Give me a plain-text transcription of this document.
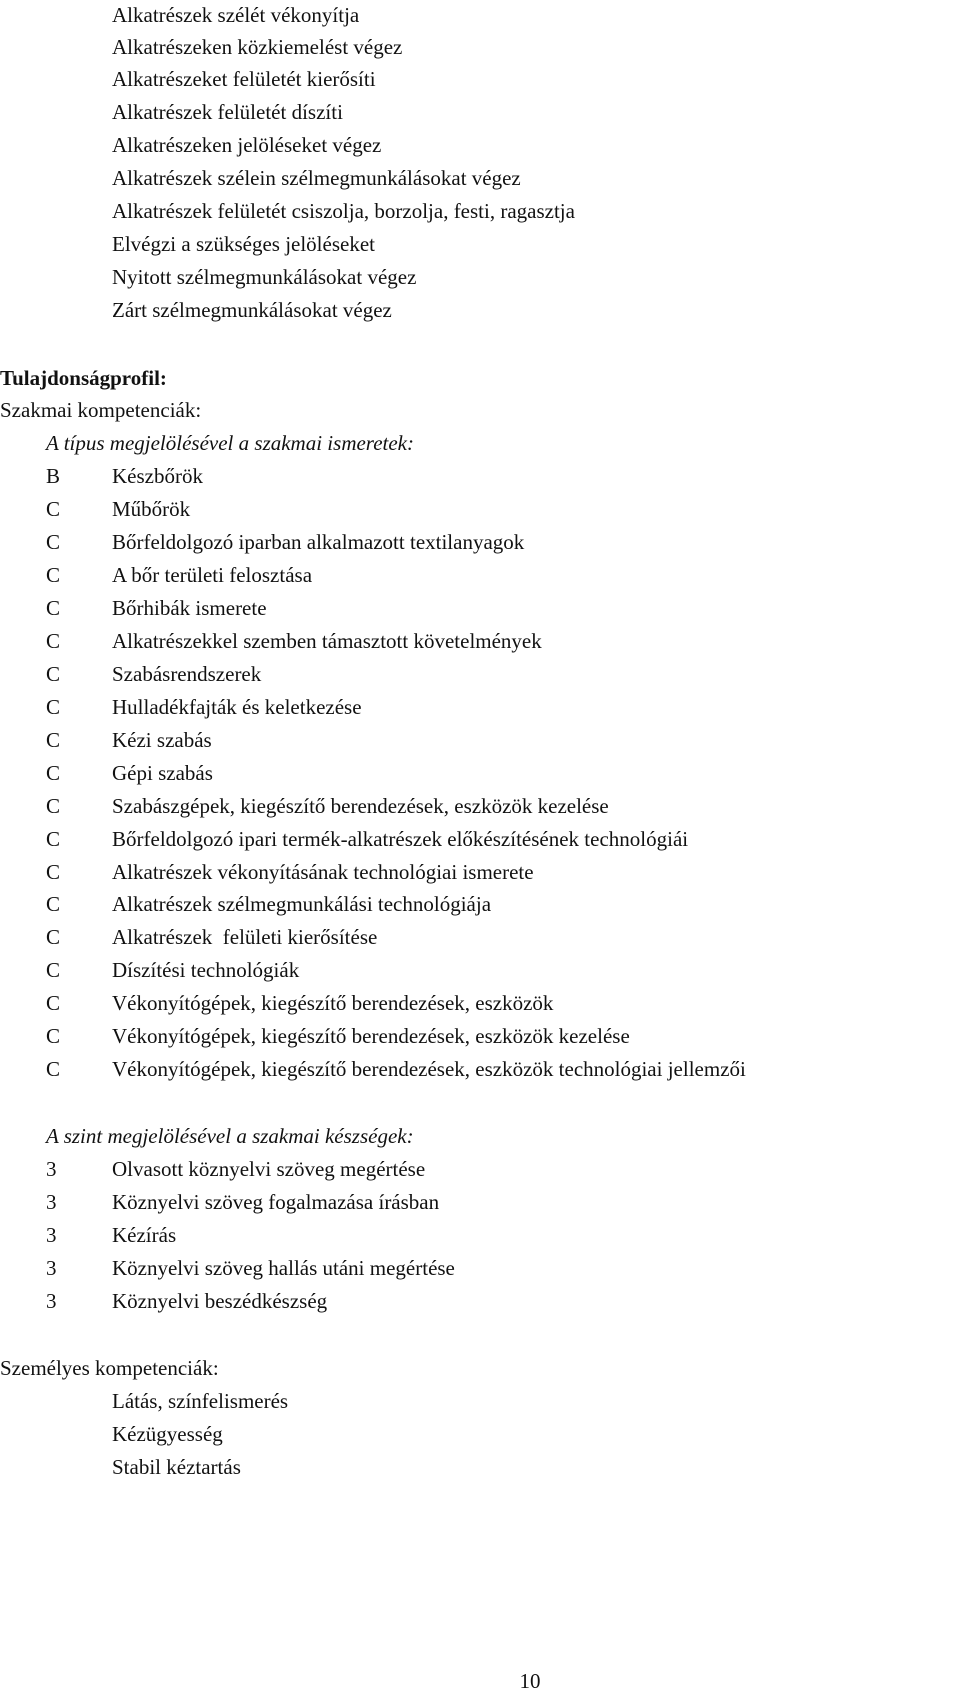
Alkatrészek szélét vékonyítja
Alkatrészeken közkiemelést végez
Alkatrészeket felületét kierősíti
Alkatrészek felületét díszíti
Alkatrészeken jelöléseket végez
Alkatrészek szélein szélmegmunkálásokat végez
Alkatrészek felületét csiszolja, borzolja, festi, ragasztja
Elvégzi a szükséges jelöléseket
Nyitott szélmegmunkálásokat végez
Zárt szélmegmunkálásokat végez
Tulajdonságprofil:
Szakmai kompetenciák:
A típus megjelölésével a szakmai ismeretek:
B	Készbőrök
C	Műbőrök
C	Bőrfeldolgozó iparban alkalmazott textilanyagok
C	A bőr területi felosztása
C	Bőrhibák ismerete
C	Alkatrészekkel szemben támasztott követelmények
C	Szabásrendszerek
C	Hulladékfajták és keletkezése
C	Kézi szabás
C	Gépi szabás
C	Szabászgépek, kiegészítő berendezések, eszközök kezelése
C	Bőrfeldolgozó ipari termék-alkatrészek előkészítésének technológiái
C	Alkatrészek vékonyításának technológiai ismerete
C	Alkatrészek szélmegmunkálási technológiája
C	Alkatrészek  felületi kierősítése
C	Díszítési technológiák
C	Vékonyítógépek, kiegészítő berendezések, eszközök
C	Vékonyítógépek, kiegészítő berendezések, eszközök kezelése
C	Vékonyítógépek, kiegészítő berendezések, eszközök technológiai jellemzői
A szint megjelölésével a szakmai készségek:
3	Olvasott köznyelvi szöveg megértése
3	Köznyelvi szöveg fogalmazása írásban
3	Kézírás
3	Köznyelvi szöveg hallás utáni megértése
3	Köznyelvi beszédkészség
Személyes kompetenciák:
Látás, színfelismerés
Kézügyesség
Stabil kéztartás
10
